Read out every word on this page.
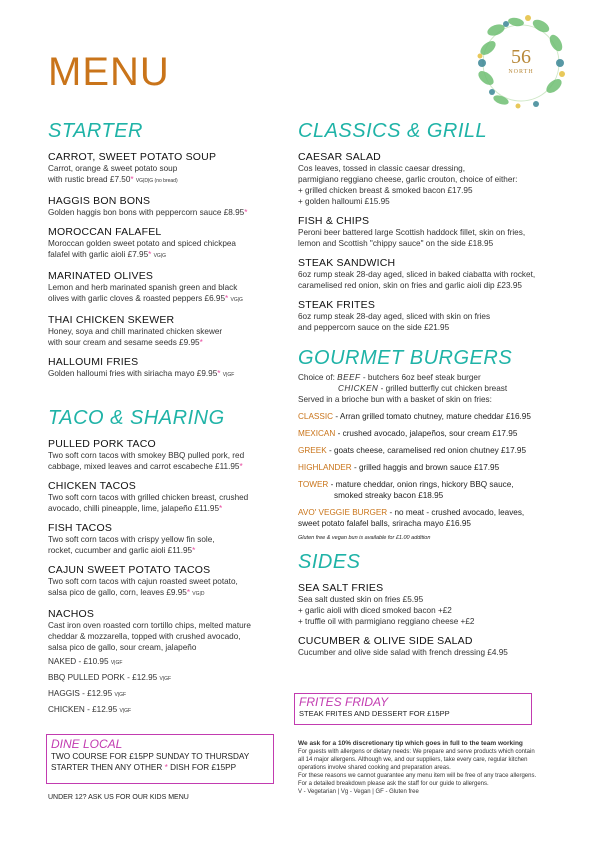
MENU	56
NORTH
STARTER
CARROT, SWEET POTATO SOUP
Carrot, orange & sweet potato soup
with rustic bread £7.50* VG|D|G (no bread)
HAGGIS BON BONS
Golden haggis bon bons with peppercorn sauce £8.95*
MOROCCAN FALAFEL
Moroccan golden sweet potato and spiced chickpea
falafel with garlic aioli £7.95* VG|G
MARINATED OLIVES
Lemon and herb marinated spanish green and black
olives with garlic cloves & roasted peppers £6.95* VG|G
THAI CHICKEN SKEWER
Honey, soya and chill marinated chicken skewer
with sour cream and sesame seeds £9.95*
HALLOUMI FRIES
Golden halloumi fries with siriacha mayo £9.95* V|GF
TACO & SHARING
PULLED PORK TACO
Two soft corn tacos with smokey BBQ pulled pork, red
cabbage, mixed leaves and carrot escabeche £11.95*
CHICKEN TACOS
Two soft corn tacos with grilled chicken breast, crushed
avocado, chilli pineapple, lime, jalapeño £11.95*
FISH TACOS
Two soft corn tacos with crispy yellow fin sole,
rocket, cucumber and garlic aioli £11.95*
CAJUN SWEET POTATO TACOS
Two soft corn tacos with cajun roasted sweet potato,
salsa pico de gallo, corn, leaves £9.95* VG|D
NACHOS
Cast iron oven roasted corn tortillo chips, melted mature
cheddar & mozzarella, topped with crushed avocado,
salsa pico de gallo, sour cream, jalapeño
NAKED - £10.95 V|GF
BBQ PULLED PORK - £12.95 V|GF
HAGGIS - £12.95 V|GF
CHICKEN - £12.95 V|GF
DINE LOCAL
TWO COURSE FOR £15PP SUNDAY TO THURSDAY
STARTER THEN ANY OTHER * DISH FOR £15PP
UNDER 12? ASK US FOR OUR KIDS MENU
CLASSICS & GRILL
CAESAR SALAD
Cos leaves, tossed in classic caesar dressing,
parmigiano reggiano cheese, garlic crouton, choice of either:
+ grilled chicken breast & smoked bacon £17.95
+ golden halloumi £15.95
FISH & CHIPS
Peroni beer battered large Scottish haddock fillet, skin on fries,
lemon and Scottish "chippy sauce" on the side £18.95
STEAK SANDWICH
6oz rump steak 28-day aged, sliced in baked ciabatta with rocket,
caramelised red onion, skin on fries and garlic aioli dip £23.95
STEAK FRITES
6oz rump steak 28-day aged, sliced with skin on fries
and peppercorn sauce on the side £21.95
GOURMET BURGERS
Choice of: BEEF - butchers 6oz beef steak burger
CHICKEN - grilled butterfly cut chicken breast
Served in a brioche bun with a basket of skin on fries:
CLASSIC - Arran grilled tomato chutney, mature cheddar £16.95
MEXICAN - crushed avocado, jalapeños, sour cream £17.95
GREEK - goats cheese, caramelised red onion chutney £17.95
HIGHLANDER - grilled haggis and brown sauce £17.95
TOWER - mature cheddar, onion rings, hickory BBQ sauce,
smoked streaky bacon £18.95
AVO' VEGGIE BURGER - no meat - crushed avocado, leaves,
sweet potato falafel balls, sriracha mayo £16.95
Gluten free & vegan bun is available for £1.00 addition
SIDES
SEA SALT FRIES
Sea salt dusted skin on fries £5.95
+ garlic aioli with diced smoked bacon +£2
+ truffle oil with parmigiano reggiano cheese +£2
CUCUMBER & OLIVE SIDE SALAD
Cucumber and olive side salad with french dressing £4.95
FRITES FRIDAY
STEAK FRITES AND DESSERT FOR £15PP
We ask for a 10% discretionary tip which goes in full to the team working
For guests with allergens or dietary needs: We prepare and serve products which contain
all 14 major allergens. Although we, and our suppliers, take every care, regular kitchen
operations involve shared cooking and preparation areas.
For these reasons we cannot guarantee any menu item will be free of any trace allergens.
For a detailed breakdown please ask the staff for our guide to allergens.
V - Vegetarian | Vg - Vegan | GF - Gluten free
